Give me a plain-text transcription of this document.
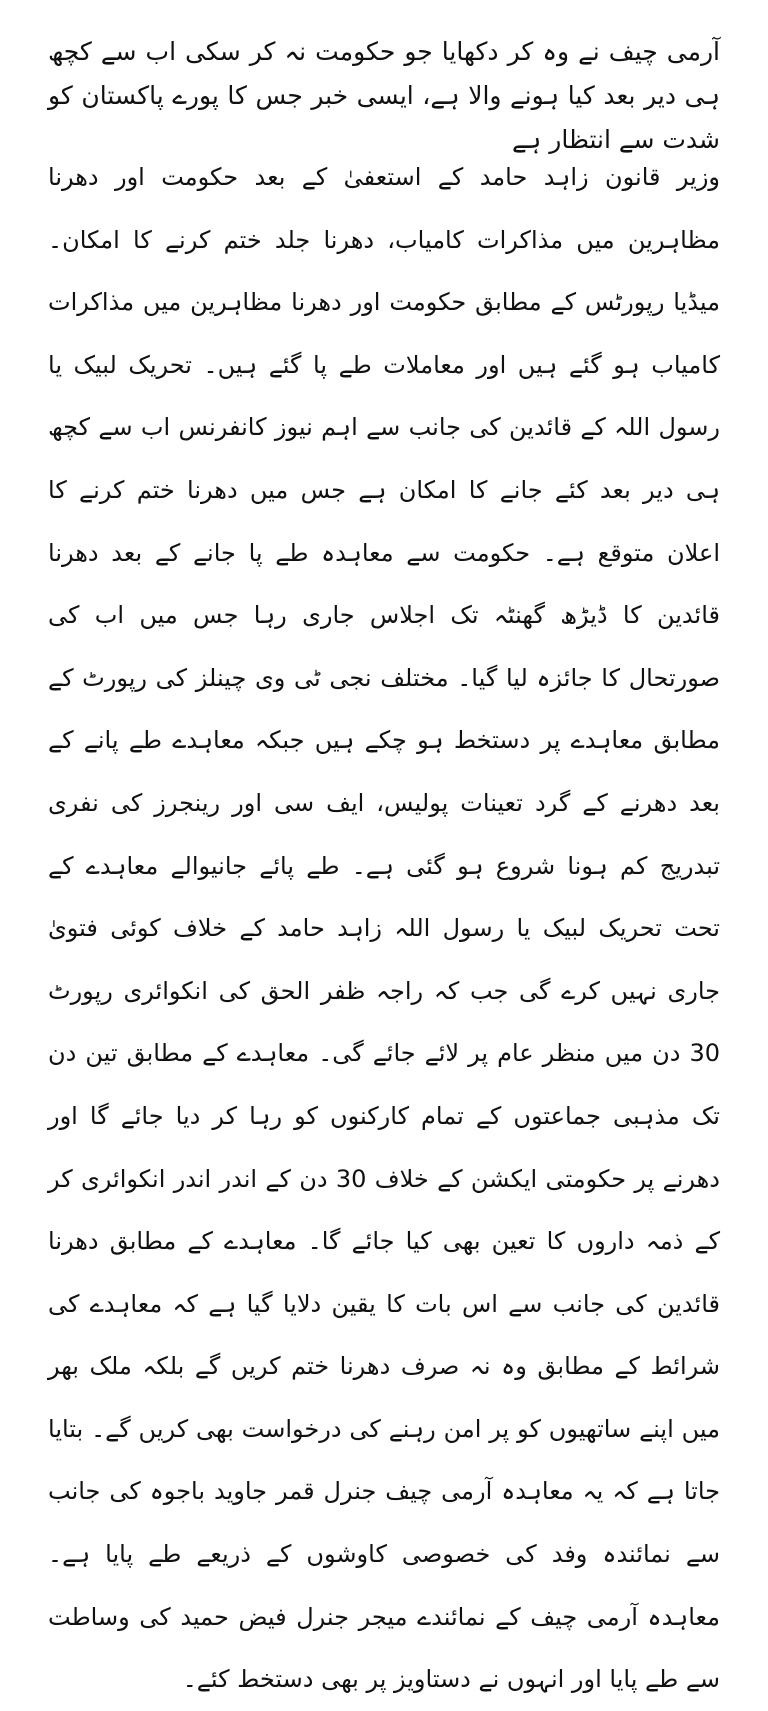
آرمی چیف نے وہ کر دکھایا جو حکومت نہ کر سکی اب سے کچھ ہی دیر بعد کیا ہونے والا ہے، ایسی خبر جس کا پورے پاکستان کو شدت سے انتظار ہے

وزیر قانون زاہد حامد کے استعفیٰ کے بعد حکومت اور دھرنا مظاہرین میں مذاکرات کامیاب، دھرنا جلد ختم کرنے کا امکان۔ میڈیا رپورٹس کے مطابق حکومت اور دھرنا مظاہرین میں مذاکرات کامیاب ہو گئے ہیں اور معاملات طے پا گئے ہیں۔ تحریک لبیک یا رسول اللہ کے قائدین کی جانب سے اہم نیوز کانفرنس اب سے کچھ ہی دیر بعد کئے جانے کا امکان ہے جس میں دھرنا ختم کرنے کا اعلان متوقع ہے۔ حکومت سے معاہدہ طے پا جانے کے بعد دھرنا قائدین کا ڈیڑھ گھنٹہ تک اجلاس جاری رہا جس میں اب کی صورتحال کا جائزہ لیا گیا۔ مختلف نجی ٹی وی چینلز کی رپورٹ کے مطابق معاہدے پر دستخط ہو چکے ہیں جبکہ معاہدے طے پانے کے بعد دھرنے کے گرد تعینات پولیس، ایف سی اور رینجرز کی نفری تبدریج کم ہونا شروع ہو گئی ہے۔ طے پائے جانیوالے معاہدے کے تحت تحریک لبیک یا رسول اللہ زاہد حامد کے خلاف کوئی فتویٰ جاری نہیں کرے گی جب کہ راجہ ظفر الحق کی انکوائری رپورٹ 30 دن میں منظر عام پر لائے جائے گی۔ معاہدے کے مطابق تین دن تک مذہبی جماعتوں کے تمام کارکنوں کو رہا کر دیا جائے گا اور دھرنے پر حکومتی ایکشن کے خلاف 30 دن کے اندر اندر انکوائری کر کے ذمہ داروں کا تعین بھی کیا جائے گا۔ معاہدے کے مطابق دھرنا قائدین کی جانب سے اس بات کا یقین دلایا گیا ہے کہ معاہدے کی شرائط کے مطابق وہ نہ صرف دھرنا ختم کریں گے بلکہ ملک بھر میں اپنے ساتھیوں کو پر امن رہنے کی درخواست بھی کریں گے۔ بتایا جاتا ہے کہ یہ معاہدہ آرمی چیف جنرل قمر جاوید باجوہ کی جانب سے نمائندہ وفد کی خصوصی کاوشوں کے ذریعے طے پایا ہے۔ معاہدہ آرمی چیف کے نمائندے میجر جنرل فیض حمید کی وساطت سے طے پایا اور انہوں نے دستاویز پر بھی دستخط کئے۔
